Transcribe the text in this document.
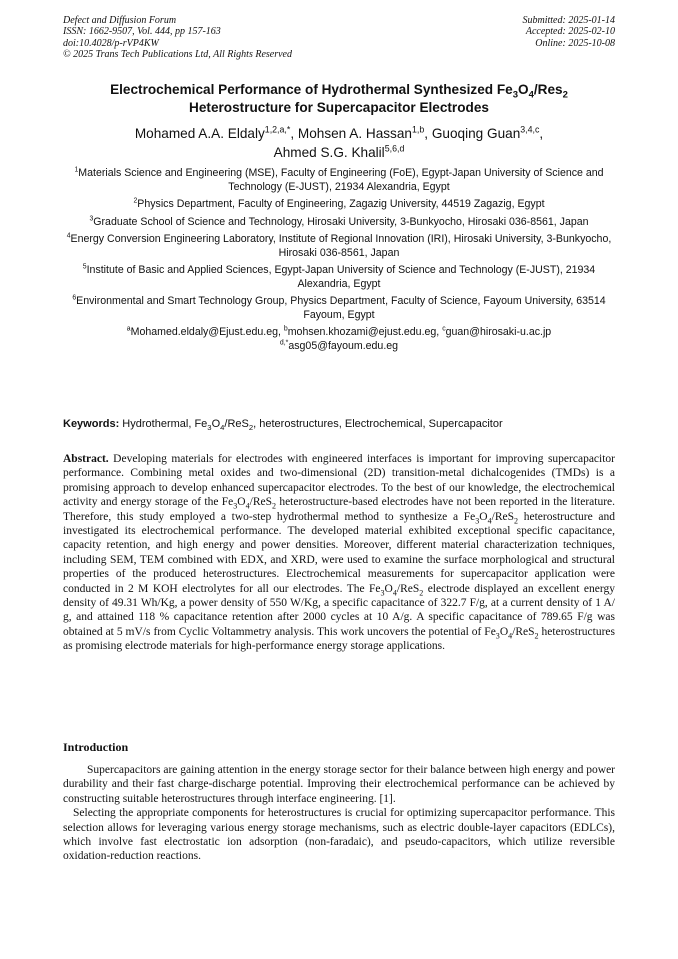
Defect and Diffusion Forum
ISSN: 1662-9507, Vol. 444, pp 157-163
doi:10.4028/p-rVP4KW
© 2025 Trans Tech Publications Ltd, All Rights Reserved
Submitted: 2025-01-14
Accepted: 2025-02-10
Online: 2025-10-08
Electrochemical Performance of Hydrothermal Synthesized $Fe_3O_4/Res_2$
Heterostructure for Supercapacitor Electrodes
Mohamed A.A. Eldaly$^{1,2,a,*}$, Mohsen A. Hassan$^{1,b}$, Guoqing Guan$^{3,4,c}$,
Ahmed S.G. Khalil$^{5,6,d}$
$^1$Materials Science and Engineering (MSE), Faculty of Engineering (FoE), Egypt-Japan University of Science and Technology (E-JUST), 21934 Alexandria, Egypt
$^2$Physics Department, Faculty of Engineering, Zagazig University, 44519 Zagazig, Egypt
$^3$Graduate School of Science and Technology, Hirosaki University, 3-Bunkyocho, Hirosaki 036-8561, Japan
$^4$Energy Conversion Engineering Laboratory, Institute of Regional Innovation (IRI), Hirosaki University, 3-Bunkyocho, Hirosaki 036-8561, Japan
$^5$Institute of Basic and Applied Sciences, Egypt-Japan University of Science and Technology (E-JUST), 21934 Alexandria, Egypt
$^6$Environmental and Smart Technology Group, Physics Department, Faculty of Science, Fayoum University, 63514 Fayoum, Egypt
$^a$Mohamed.eldaly@Ejust.edu.eg, $^b$mohsen.khozami@ejust.edu.eg, $^c$guan@hirosaki-u.ac.jp
$^{d,*}$asg05@fayoum.edu.eg
Keywords: Hydrothermal, $Fe_3O_4/ReS_2$, heterostructures, Electrochemical, Supercapacitor
Abstract. Developing materials for electrodes with engineered interfaces is important for improving supercapacitor performance. Combining metal oxides and two-dimensional (2D) transition-metal dichalcogenides (TMDs) is a promising approach to develop enhanced supercapacitor electrodes. To the best of our knowledge, the electrochemical activity and energy storage of the $Fe_3O_4/ReS_2$ heterostructure-based electrodes have not been reported in the literature. Therefore, this study employed a two-step hydrothermal method to synthesize a $Fe_3O_4/ReS_2$ heterostructure and investigated its electrochemical performance. The developed material exhibited exceptional specific capacitance, capacity retention, and high energy and power densities. Moreover, different material characterization techniques, including SEM, TEM combined with EDX, and XRD, were used to examine the surface morphological and structural properties of the produced heterostructures. Electrochemical measurements for supercapacitor application were conducted in 2 M KOH electrolytes for all our electrodes. The $Fe_3O_4/ReS_2$ electrode displayed an excellent energy density of 49.31 Wh/Kg, a power density of 550 W/Kg, a specific capacitance of 322.7 F/g, at a current density of 1 A/ g, and attained 118 % capacitance retention after 2000 cycles at 10 A/g. A specific capacitance of 789.65 F/g was obtained at 5 mV/s from Cyclic Voltammetry analysis. This work uncovers the potential of $Fe_3O_4/ReS_2$ heterostructures as promising electrode materials for high-performance energy storage applications.
Introduction

Supercapacitors are gaining attention in the energy storage sector for their balance between high energy and power durability and their fast charge-discharge potential. Improving their electrochemical performance can be achieved by constructing suitable heterostructures through interface engineering. [1].

Selecting the appropriate components for heterostructures is crucial for optimizing supercapacitor performance. This selection allows for leveraging various energy storage mechanisms, such as electric double-layer capacitors (EDLCs), which involve fast electrostatic ion adsorption (non-faradaic), and pseudo-capacitors, which utilize reversible oxidation-reduction reactions.
